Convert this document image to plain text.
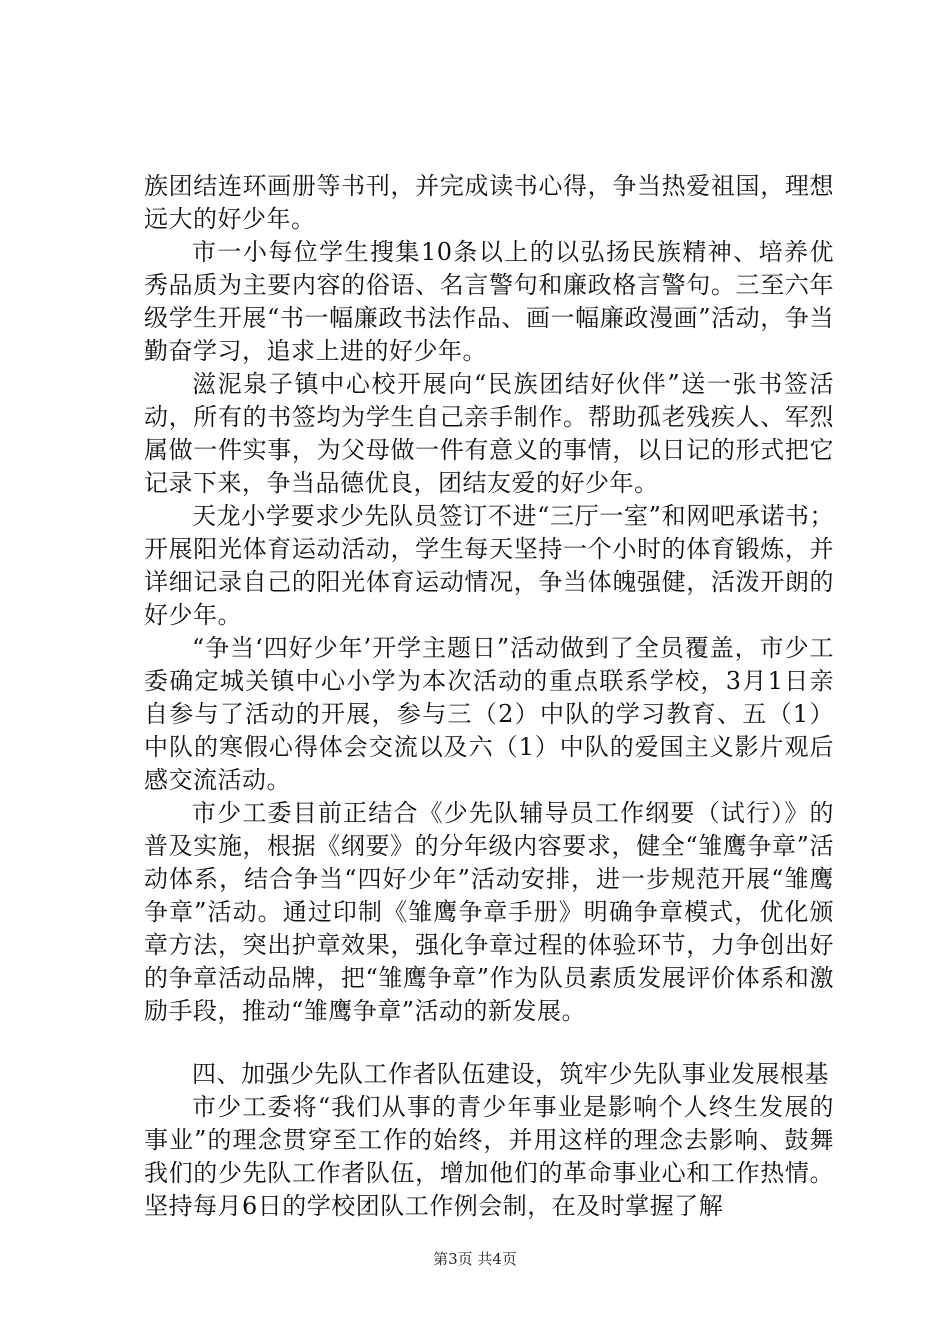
族团结连环画册等书刊，并完成读书心得，争当热爱祖国，理想远大的好少年。

市一小每位学生搜集10条以上的以弘扬民族精神、培养优秀品质为主要内容的俗语、名言警句和廉政格言警句。三至六年级学生开展“书一幅廉政书法作品、画一幅廉政漫画”活动，争当勤奋学习，追求上进的好少年。

滋泥泉子镇中心校开展向“民族团结好伙伴”送一张书签活动，所有的书签均为学生自己亲手制作。帮助孤老残疾人、军烈属做一件实事，为父母做一件有意义的事情，以日记的形式把它记录下来，争当品德优良，团结友爱的好少年。

天龙小学要求少先队员签订不进“三厅一室”和网吧承诺书；开展阳光体育运动活动，学生每天坚持一个小时的体育锻炼，并详细记录自己的阳光体育运动情况，争当体魄强健，活泼开朗的好少年。

“争当‘四好少年’开学主题日”活动做到了全员覆盖，市少工委确定城关镇中心小学为本次活动的重点联系学校，3月1日亲自参与了活动的开展，参与三（2）中队的学习教育、五（1）中队的寒假心得体会交流以及六（1）中队的爱国主义影片观后感交流活动。

市少工委目前正结合《少先队辅导员工作纲要（试行）》的普及实施，根据《纲要》的分年级内容要求，健全“雏鹰争章”活动体系，结合争当“四好少年”活动安排，进一步规范开展“雏鹰争章”活动。通过印制《雏鹰争章手册》明确争章模式，优化颁章方法，突出护章效果，强化争章过程的体验环节，力争创出好的争章活动品牌，把“雏鹰争章”作为队员素质发展评价体系和激励手段，推动“雏鹰争章”活动的新发展。

四、加强少先队工作者队伍建设，筑牢少先队事业发展根基

市少工委将“我们从事的青少年事业是影响个人终生发展的事业”的理念贯穿至工作的始终，并用这样的理念去影响、鼓舞我们的少先队工作者队伍，增加他们的革命事业心和工作热情。坚持每月6日的学校团队工作例会制，在及时掌握了解

第3页 共4页
